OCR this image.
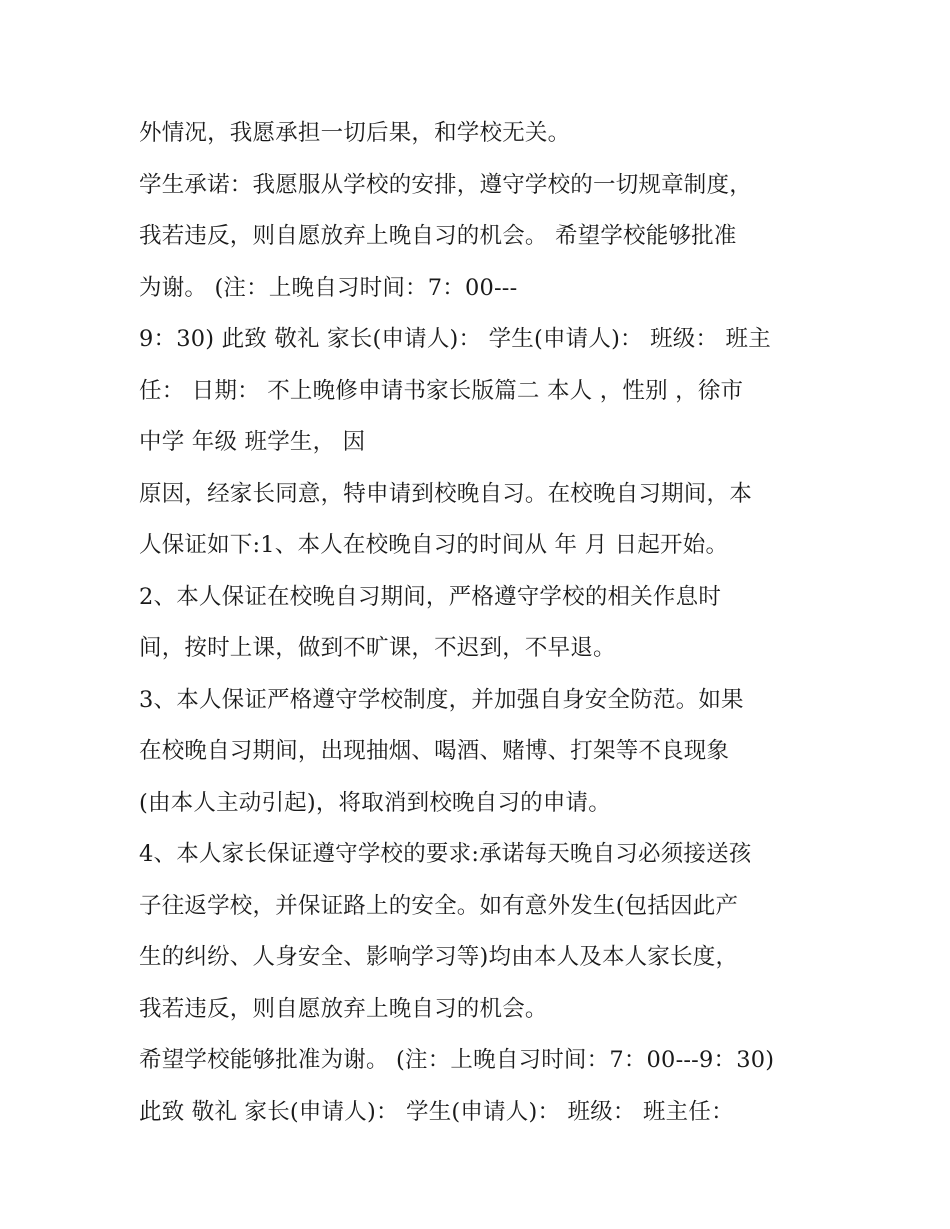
外情况，我愿承担一切后果，和学校无关。
学生承诺：我愿服从学校的安排，遵守学校的一切规章制度，
我若违反，则自愿放弃上晚自习的机会。 希望学校能够批准
为谢。 (注：上晚自习时间：7：00---
9：30) 此致 敬礼 家长(申请人)： 学生(申请人)： 班级： 班主
任： 日期： 不上晚修申请书家长版篇二 本人 ，性别 ，徐市
中学 年级 班学生， 因
原因，经家长同意，特申请到校晚自习。在校晚自习期间，本
人保证如下:1、本人在校晚自习的时间从 年 月 日起开始。
2、本人保证在校晚自习期间，严格遵守学校的相关作息时
间，按时上课，做到不旷课，不迟到，不早退。
3、本人保证严格遵守学校制度，并加强自身安全防范。如果
在校晚自习期间，出现抽烟、喝酒、赌博、打架等不良现象
(由本人主动引起)，将取消到校晚自习的申请。
4、本人家长保证遵守学校的要求:承诺每天晚自习必须接送孩
子往返学校，并保证路上的安全。如有意外发生(包括因此产
生的纠纷、人身安全、影响学习等)均由本人及本人家长度，
我若违反，则自愿放弃上晚自习的机会。
希望学校能够批准为谢。 (注：上晚自习时间：7：00---9：30)
此致 敬礼 家长(申请人)： 学生(申请人)： 班级： 班主任：
